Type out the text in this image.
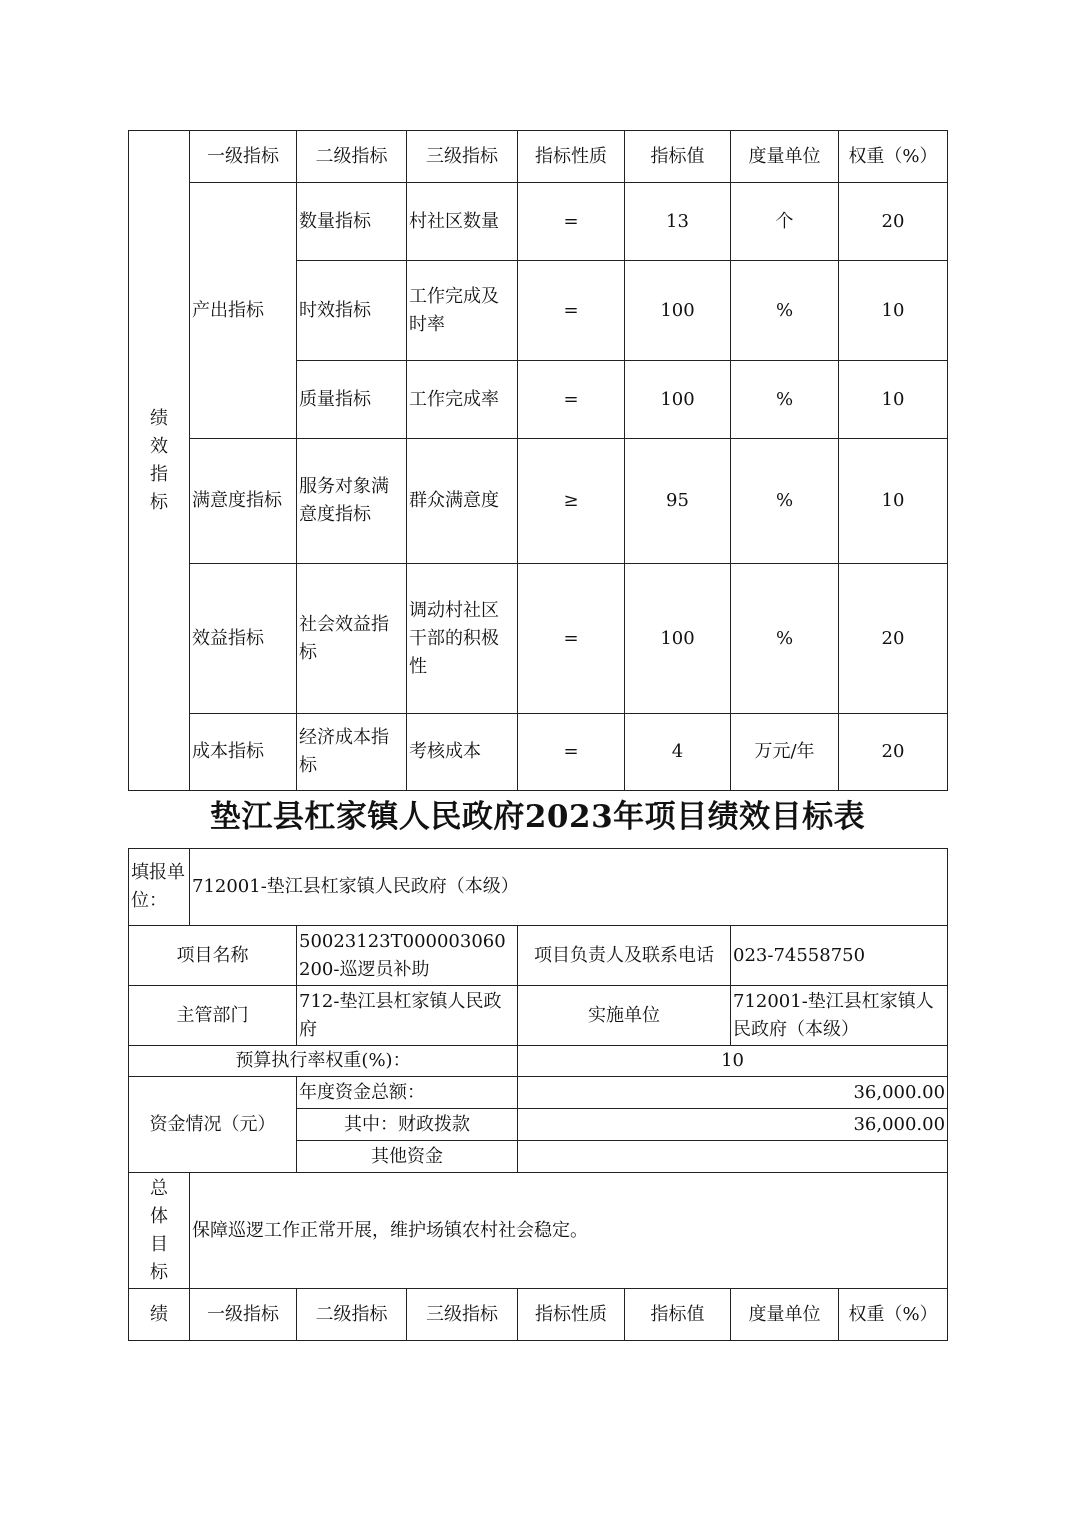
绩
效
指
标	一级指标	二级指标	三级指标	指标性质	指标值	度量单位	权重（%）
	产出指标	数量指标	村社区数量	=	13	个	20
		时效指标	工作完成及时率	=	100	%	10
		质量指标	工作完成率	=	100	%	10
	满意度指标	服务对象满意度指标	群众满意度	≥	95	%	10
	效益指标	社会效益指标	调动村社区干部的积极性	=	100	%	20
	成本指标	经济成本指标	考核成本	=	4	万元/年	20
垫江县杠家镇人民政府2023年项目绩效目标表
填报单位：	712001-垫江县杠家镇人民政府（本级）						
项目名称		50023123T000003060200-巡逻员补助		项目负责人及联系电话		023-74558750	
主管部门		712-垫江县杠家镇人民政府		实施单位		712001-垫江县杠家镇人民政府（本级）	
预算执行率权重(%)：				10			
资金情况（元）		年度资金总额：		36,000.00			
		其中：财政拨款		36,000.00			
		其他资金					
总
体
目
标	保障巡逻工作正常开展，维护场镇农村社会稳定。						
绩	一级指标	二级指标	三级指标	指标性质	指标值	度量单位	权重（%）
